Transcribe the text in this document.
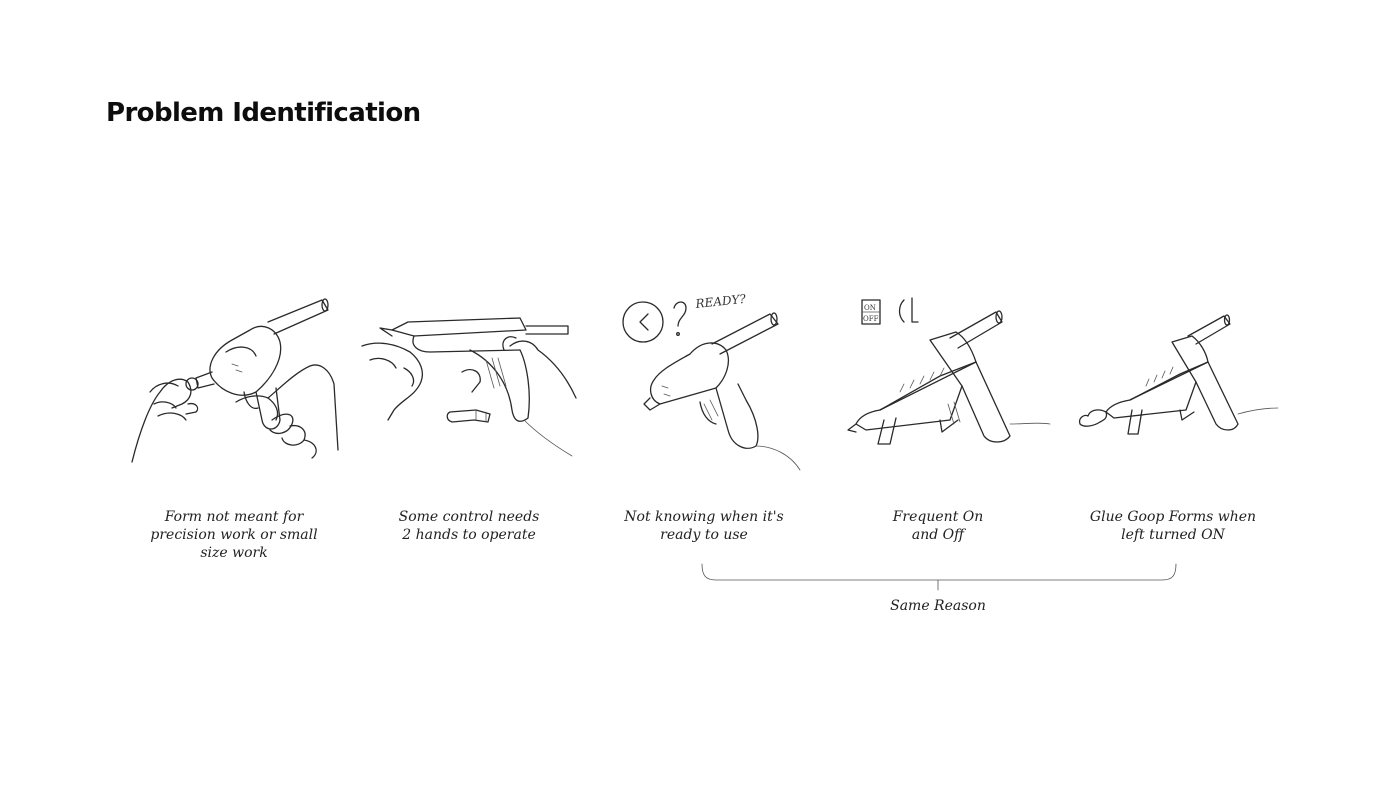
Problem Identification
READY?	ON
OFF
Form not meant for
precision work or small
size work
Some control needs
2 hands to operate
Not knowing when it's
ready to use
Frequent On
and Off
Glue Goop Forms when
left turned ON
Same Reason
